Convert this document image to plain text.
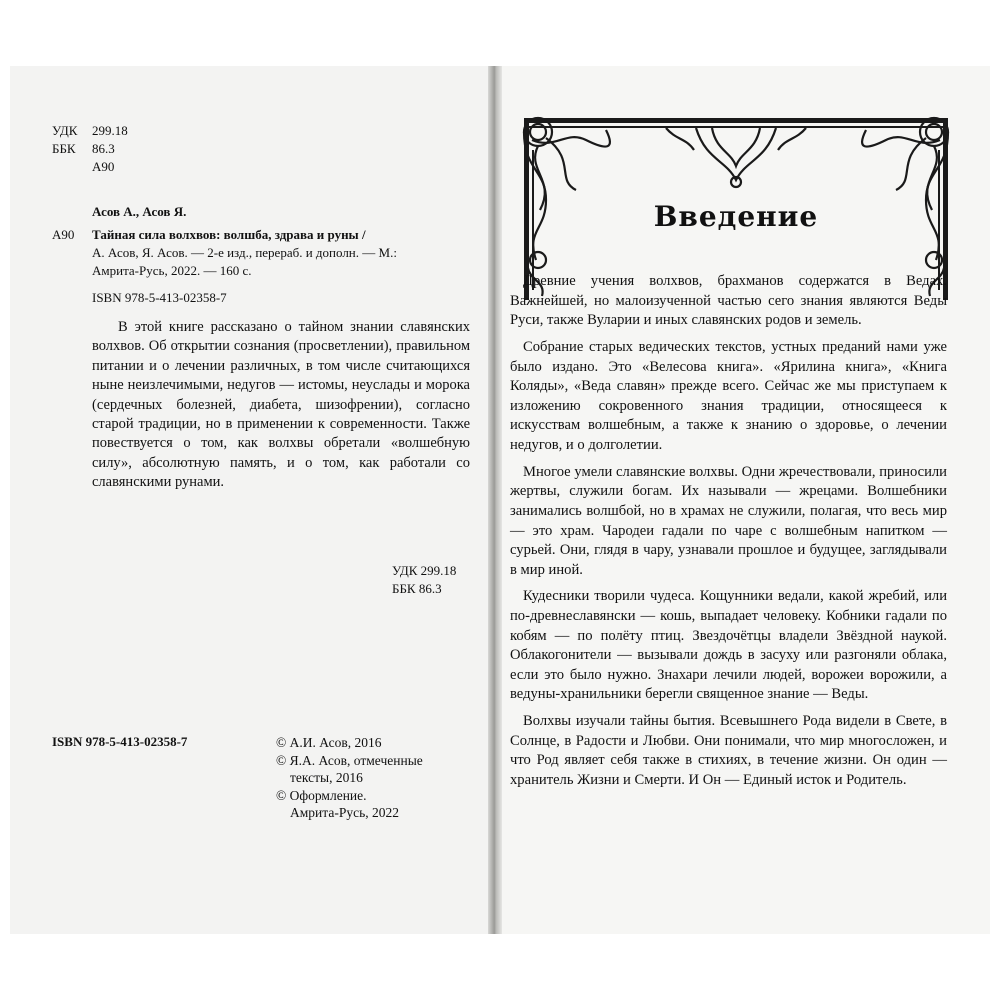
УДК	299.18
ББК	86.3
А90
Асов А., Асов Я.
А90 Тайная сила волхвов: волшба, здрава и руны /
А. Асов, Я. Асов. — 2-е изд., перераб. и дополн. — М.:
Амрита-Русь, 2022. — 160 с.
ISBN 978-5-413-02358-7
В этой книге рассказано о тайном знании славянских волхвов. Об открытии сознания (просветлении), правильном питании и о лечении различных, в том числе считающихся ныне неизлечимыми, недугов — истомы, неуслады и морока (сердечных болезней, диабета, шизофрении), согласно старой традиции, но в применении к современности. Также повествуется о том, как волхвы обретали «волшебную силу», абсолютную память, и о том, как работали со славянскими рунами.
УДК 299.18
ББК 86.3
ISBN 978-5-413-02358-7	© А.И. Асов, 2016
© Я.А. Асов, отмеченные
тексты, 2016
© Оформление.
Амрита-Русь, 2022
Введение

Древние учения волхвов, брахманов содержатся в Ведах. Важнейшей, но малоизученной частью сего знания являются Веды Руси, также Вуларии и иных славянских родов и земель.

Собрание старых ведических текстов, устных преданий нами уже было издано. Это «Велесова книга». «Ярилина книга», «Книга Коляды», «Веда славян» прежде всего. Сейчас же мы приступаем к изложению сокровенного знания традиции, относящееся к искусствам волшебным, а также к знанию о здоровье, о лечении недугов, и о долголетии.

Многое умели славянские волхвы. Одни жречествовали, приносили жертвы, служили богам. Их называли — жрецами. Волшебники занимались волшбой, но в храмах не служили, полагая, что весь мир — это храм. Чародеи гадали по чаре с волшебным напитком — сурьей. Они, глядя в чару, узнавали прошлое и будущее, заглядывали в мир иной.

Кудесники творили чудеса. Кощунники ведали, какой жребий, или по-древнеславянски — кошь, выпадает человеку. Кобники гадали по кобям — по полёту птиц. Звездочётцы владели Звёздной наукой. Облакогонители — вызывали дождь в засуху или разгоняли облака, если это было нужно. Знахари лечили людей, ворожеи ворожили, а ведуны-хранильники берегли священное знание — Веды.

Волхвы изучали тайны бытия. Всевышнего Рода видели в Свете, в Солнце, в Радости и Любви. Они понимали, что мир многосложен, и что Род являет себя также в стихиях, в течение жизни. Он один — хранитель Жизни и Смерти. И Он — Единый исток и Родитель.
